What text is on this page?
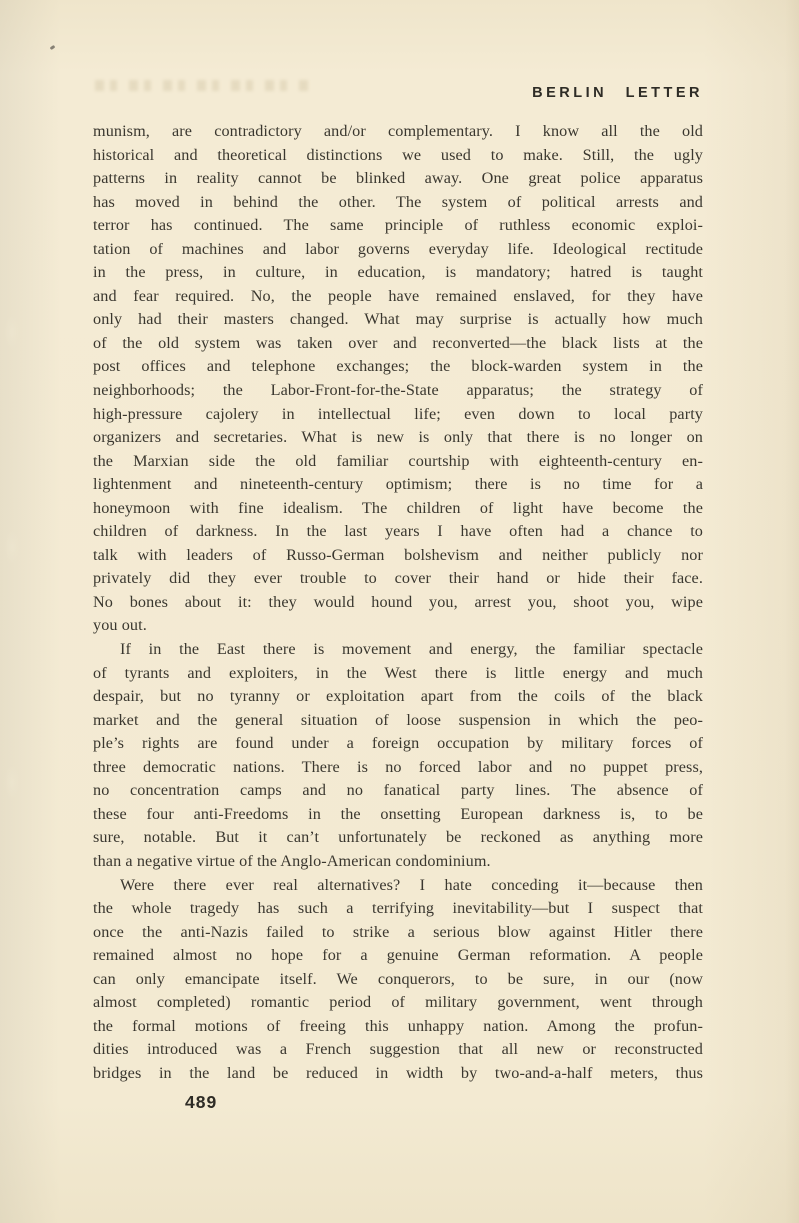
BERLIN LETTER
munism, are contradictory and/or complementary. I know all the old
historical and theoretical distinctions we used to make. Still, the ugly
patterns in reality cannot be blinked away. One great police apparatus
has moved in behind the other. The system of political arrests and
terror has continued. The same principle of ruthless economic exploi-
tation of machines and labor governs everyday life. Ideological rectitude
in the press, in culture, in education, is mandatory; hatred is taught
and fear required. No, the people have remained enslaved, for they have
only had their masters changed. What may surprise is actually how much
of the old system was taken over and reconverted—the black lists at the
post offices and telephone exchanges; the block-warden system in the
neighborhoods; the Labor-Front-for-the-State apparatus; the strategy of
high-pressure cajolery in intellectual life; even down to local party
organizers and secretaries. What is new is only that there is no longer on
the Marxian side the old familiar courtship with eighteenth-century en-
lightenment and nineteenth-century optimism; there is no time for a
honeymoon with fine idealism. The children of light have become the
children of darkness. In the last years I have often had a chance to
talk with leaders of Russo-German bolshevism and neither publicly nor
privately did they ever trouble to cover their hand or hide their face.
No bones about it: they would hound you, arrest you, shoot you, wipe
you out.
If in the East there is movement and energy, the familiar spectacle
of tyrants and exploiters, in the West there is little energy and much
despair, but no tyranny or exploitation apart from the coils of the black
market and the general situation of loose suspension in which the peo-
ple’s rights are found under a foreign occupation by military forces of
three democratic nations. There is no forced labor and no puppet press,
no concentration camps and no fanatical party lines. The absence of
these four anti-Freedoms in the onsetting European darkness is, to be
sure, notable. But it can’t unfortunately be reckoned as anything more
than a negative virtue of the Anglo-American condominium.
Were there ever real alternatives? I hate conceding it—because then
the whole tragedy has such a terrifying inevitability—but I suspect that
once the anti-Nazis failed to strike a serious blow against Hitler there
remained almost no hope for a genuine German reformation. A people
can only emancipate itself. We conquerors, to be sure, in our (now
almost completed) romantic period of military government, went through
the formal motions of freeing this unhappy nation. Among the profun-
dities introduced was a French suggestion that all new or reconstructed
bridges in the land be reduced in width by two-and-a-half meters, thus
489
